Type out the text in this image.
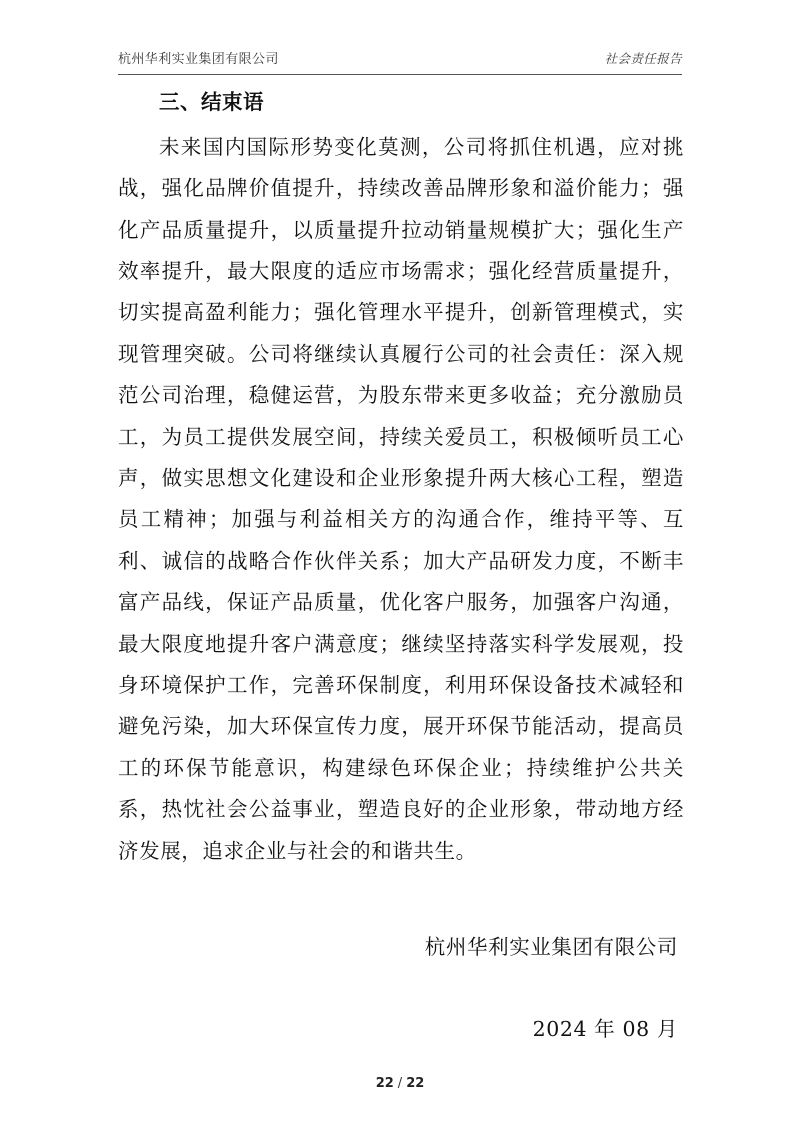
杭州华利实业集团有限公司	社会责任报告
三、结束语

未来国内国际形势变化莫测，公司将抓住机遇，应对挑战，强化品牌价值提升，持续改善品牌形象和溢价能力；强化产品质量提升，以质量提升拉动销量规模扩大；强化生产效率提升，最大限度的适应市场需求；强化经营质量提升，切实提高盈利能力；强化管理水平提升，创新管理模式，实现管理突破。公司将继续认真履行公司的社会责任：深入规范公司治理，稳健运营，为股东带来更多收益；充分激励员工，为员工提供发展空间，持续关爱员工，积极倾听员工心声，做实思想文化建设和企业形象提升两大核心工程，塑造员工精神；加强与利益相关方的沟通合作，维持平等、互利、诚信的战略合作伙伴关系；加大产品研发力度，不断丰富产品线，保证产品质量，优化客户服务，加强客户沟通，最大限度地提升客户满意度；继续坚持落实科学发展观，投身环境保护工作，完善环保制度，利用环保设备技术减轻和避免污染，加大环保宣传力度，展开环保节能活动，提高员工的环保节能意识，构建绿色环保企业；持续维护公共关系，热忱社会公益事业，塑造良好的企业形象，带动地方经济发展，追求企业与社会的和谐共生。

杭州华利实业集团有限公司
2024 年 08 月
22 / 22
